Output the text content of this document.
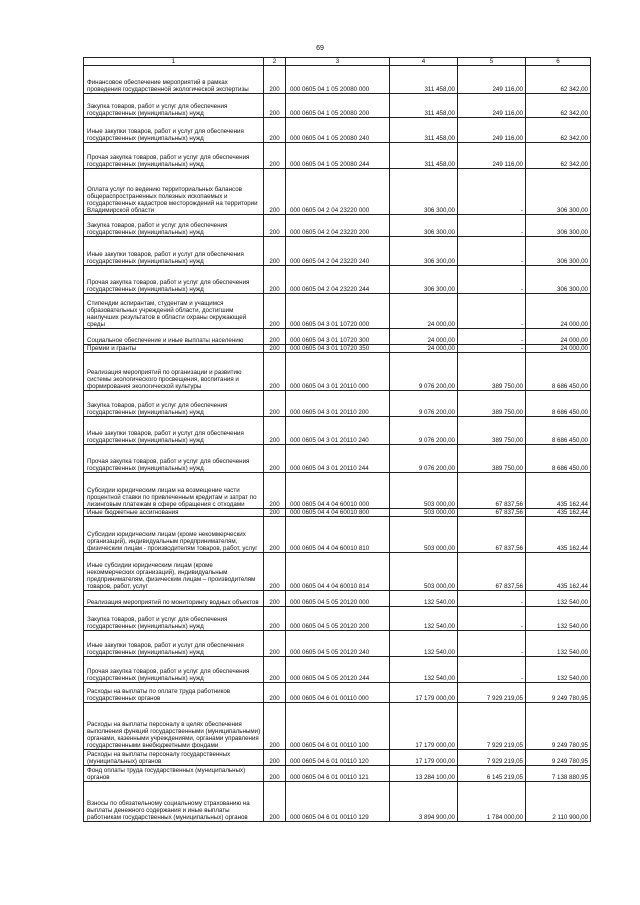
69
1	2	3	4	5	6
Финансовое обеспечение мероприятий в рамках проведения государственной экологической экспертизы	200	000 0605 04 1 05 20080 000	311 458,00	249 116,00	62 342,00
Закупка товаров, работ и услуг для обеспечения государственных (муниципальных) нужд	200	000 0605 04 1 05 20080 200	311 458,00	249 116,00	62 342,00
Иные закупки товаров, работ и услуг для обеспечения государственных (муниципальных) нужд	200	000 0605 04 1 05 20080 240	311 458,00	249 116,00	62 342,00
Прочая закупка товаров, работ и услуг для обеспечения государственных (муниципальных) нужд	200	000 0605 04 1 05 20080 244	311 458,00	249 116,00	62 342,00
Оплата услуг по ведению территориальных балансов общераспространенных полезных ископаемых и государственных кадастров месторождений на территории Владимирской области	200	000 0605 04 2 04 23220 000	306 300,00	-	306 300,00
Закупка товаров, работ и услуг для обеспечения государственных (муниципальных) нужд	200	000 0605 04 2 04 23220 200	306 300,00	-	306 300,00
Иные закупки товаров, работ и услуг для обеспечения государственных (муниципальных) нужд	200	000 0605 04 2 04 23220 240	306 300,00	-	306 300,00
Прочая закупка товаров, работ и услуг для обеспечения государственных (муниципальных) нужд	200	000 0605 04 2 04 23220 244	306 300,00	-	306 300,00
Стипендии аспирантам, студентам и учащимся образовательных учреждений области, достигшим наилучших результатов в области охраны окружающей среды	200	000 0605 04 3 01 10720 000	24 000,00	-	24 000,00
Социальное обеспечение и иные выплаты населению	200	000 0605 04 3 01 10720 300	24 000,00	-	24 000,00
Премии и гранты	200	000 0605 04 3 01 10720 350	24 000,00	-	24 000,00
Реализация мероприятий по организации и развитию системы экологического просвещения, воспитания и формирования экологической культуры	200	000 0605 04 3 01 20110 000	9 076 200,00	389 750,00	8 686 450,00
Закупка товаров, работ и услуг для обеспечения государственных (муниципальных) нужд	200	000 0605 04 3 01 20110 200	9 076 200,00	389 750,00	8 686 450,00
Иные закупки товаров, работ и услуг для обеспечения государственных (муниципальных) нужд	200	000 0605 04 3 01 20110 240	9 076 200,00	389 750,00	8 686 450,00
Прочая закупка товаров, работ и услуг для обеспечения государственных (муниципальных) нужд	200	000 0605 04 3 01 20110 244	9 076 200,00	389 750,00	8 686 450,00
Субсидии юридическим лицам на возмещение части процентной ставки по привлеченным кредитам и затрат по лизинговым платежам в сфере обращения с отходами	200	000 0605 04 4 04 60010 000	503 000,00	67 837,56	435 162,44
Иные бюджетные ассигнования	200	000 0605 04 4 04 60010 800	503 000,00	67 837,56	435 162,44
Субсидии юридическим лицам (кроме некоммерческих организаций), индивидуальным предпринимателям, физическим лицам - производителям товаров, работ, услуг	200	000 0605 04 4 04 60010 810	503 000,00	67 837,56	435 162,44
Иные субсидии юридическим лицам (кроме некоммерческих организаций), индивидуальным предпринимателям, физическим лицам – производителям товаров, работ, услуг	200	000 0605 04 4 04 60010 814	503 000,00	67 837,56	435 162,44
Реализация мероприятий по мониторингу водных объектов	200	000 0605 04 5 05 20120 000	132 540,00	-	132 540,00
Закупка товаров, работ и услуг для обеспечения государственных (муниципальных) нужд	200	000 0605 04 5 05 20120 200	132 540,00	-	132 540,00
Иные закупки товаров, работ и услуг для обеспечения государственных (муниципальных) нужд	200	000 0605 04 5 05 20120 240	132 540,00	-	132 540,00
Прочая закупка товаров, работ и услуг для обеспечения государственных (муниципальных) нужд	200	000 0605 04 5 05 20120 244	132 540,00	-	132 540,00
Расходы на выплаты по оплате труда работников государственных органов	200	000 0605 04 6 01 00110 000	17 179 000,00	7 929 219,05	9 249 780,95
Расходы на выплаты персоналу в целях обеспечения выполнения функций государственными (муниципальными) органами, казенными учреждениями, органами управления государственными внебюджетными фондами	200	000 0605 04 6 01 00110 100	17 179 000,00	7 929 219,05	9 249 780,95
Расходы на выплаты персоналу государственных (муниципальных) органов	200	000 0605 04 6 01 00110 120	17 179 000,00	7 929 219,05	9 249 780,95
Фонд оплаты труда государственных (муниципальных) органов	200	000 0605 04 6 01 00110 121	13 284 100,00	6 145 219,05	7 138 880,95
Взносы по обязательному социальному страхованию на выплаты денежного содержания и иные выплаты работникам государственных (муниципальных) органов	200	000 0605 04 6 01 00110 129	3 894 900,00	1 784 000,00	2 110 900,00
